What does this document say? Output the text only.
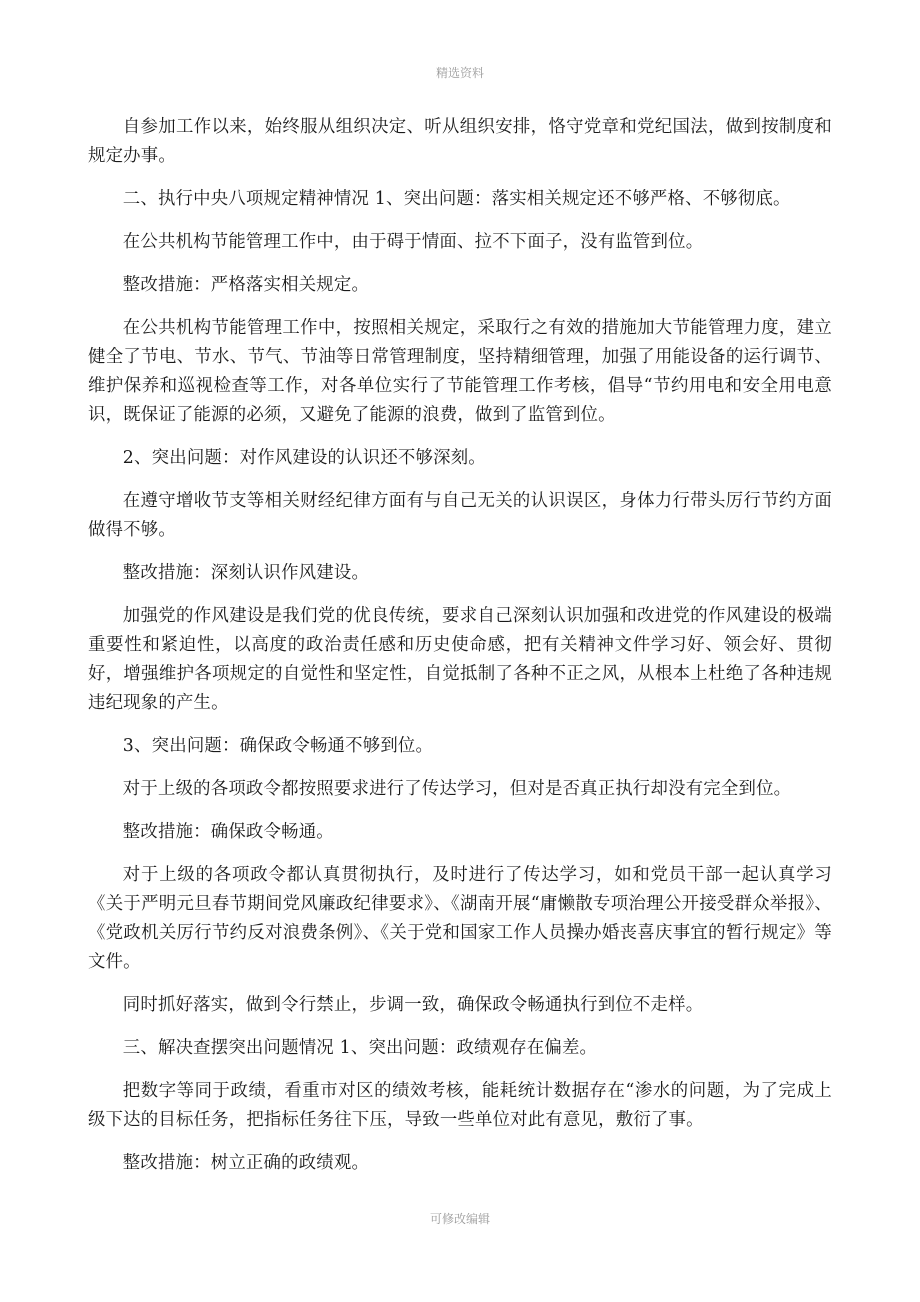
精选资料

自参加工作以来，始终服从组织决定、听从组织安排，恪守党章和党纪国法，做到按制度和规定办事。

二、执行中央八项规定精神情况 1、突出问题：落实相关规定还不够严格、不够彻底。

在公共机构节能管理工作中，由于碍于情面、拉不下面子，没有监管到位。

整改措施：严格落实相关规定。

在公共机构节能管理工作中，按照相关规定，采取行之有效的措施加大节能管理力度，建立健全了节电、节水、节气、节油等日常管理制度，坚持精细管理，加强了用能设备的运行调节、维护保养和巡视检查等工作，对各单位实行了节能管理工作考核，倡导“节约用电和安全用电意识，既保证了能源的必须，又避免了能源的浪费，做到了监管到位。

2、突出问题：对作风建设的认识还不够深刻。

在遵守增收节支等相关财经纪律方面有与自己无关的认识误区，身体力行带头厉行节约方面做得不够。

整改措施：深刻认识作风建设。

加强党的作风建设是我们党的优良传统，要求自己深刻认识加强和改进党的作风建设的极端重要性和紧迫性，以高度的政治责任感和历史使命感，把有关精神文件学习好、领会好、贯彻好，增强维护各项规定的自觉性和坚定性，自觉抵制了各种不正之风，从根本上杜绝了各种违规违纪现象的产生。

3、突出问题：确保政令畅通不够到位。

对于上级的各项政令都按照要求进行了传达学习，但对是否真正执行却没有完全到位。

整改措施：确保政令畅通。

对于上级的各项政令都认真贯彻执行，及时进行了传达学习，如和党员干部一起认真学习《关于严明元旦春节期间党风廉政纪律要求》、《湖南开展“庸懒散专项治理公开接受群众举报》、《党政机关厉行节约反对浪费条例》、《关于党和国家工作人员操办婚丧喜庆事宜的暂行规定》等文件。

同时抓好落实，做到令行禁止，步调一致，确保政令畅通执行到位不走样。

三、解决查摆突出问题情况 1、突出问题：政绩观存在偏差。

把数字等同于政绩，看重市对区的绩效考核，能耗统计数据存在“渗水的问题，为了完成上级下达的目标任务，把指标任务往下压，导致一些单位对此有意见，敷衍了事。

整改措施：树立正确的政绩观。

可修改编辑
